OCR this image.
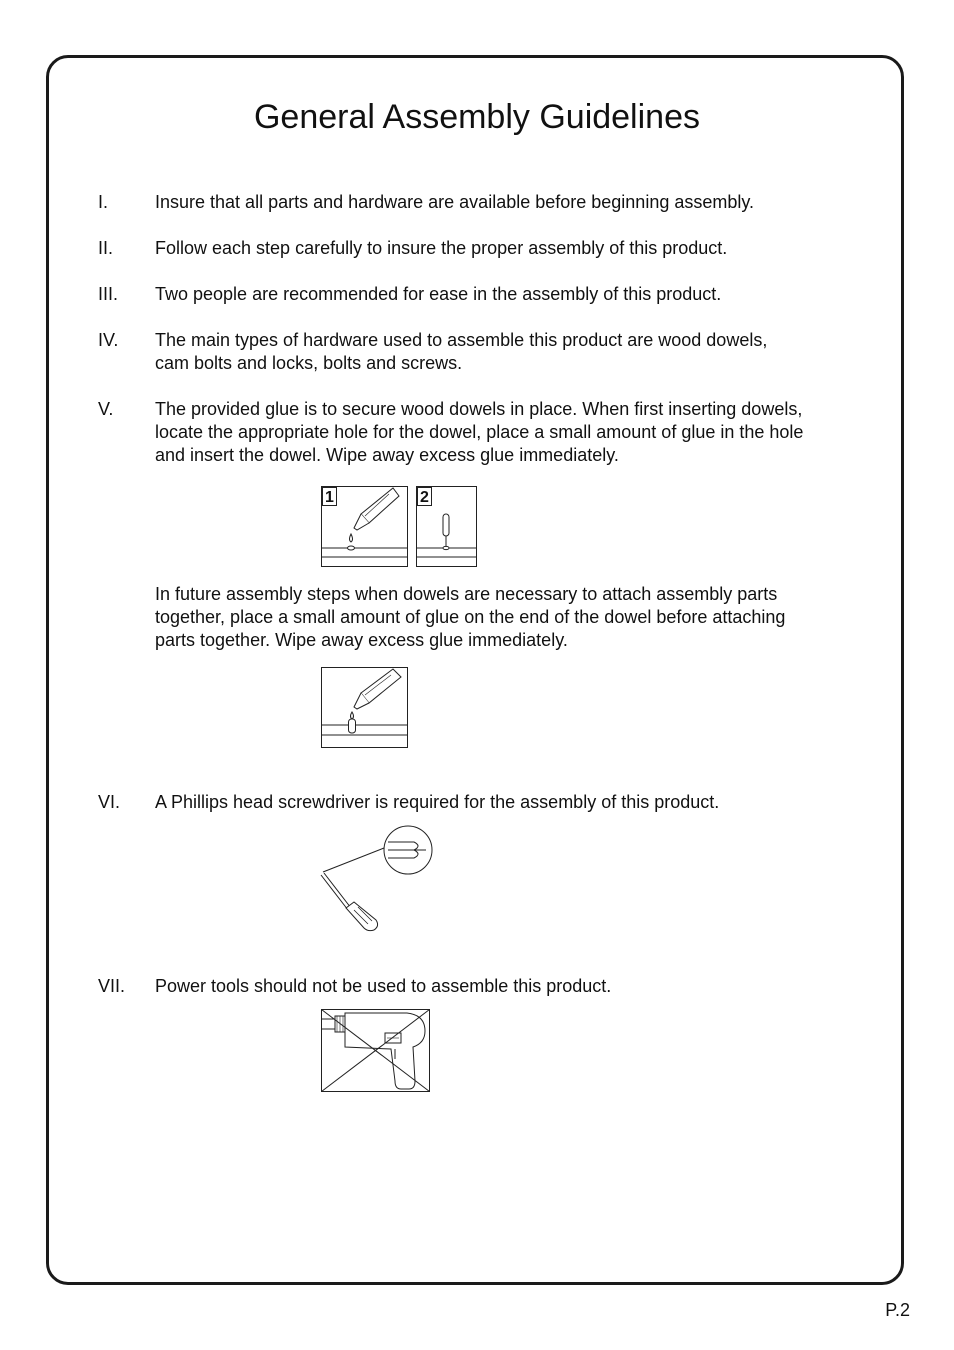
General Assembly Guidelines
I.	Insure that all parts and hardware are available before beginning assembly.
II. Follow each step carefully to insure the proper assembly of this product.
III. Two people are recommended for ease in the assembly of this product.
IV. The main types of hardware used to assemble this product are wood dowels,
cam bolts and locks, bolts and screws.
V. The provided glue is to secure wood dowels in place. When first inserting dowels,
locate the appropriate hole for the dowel, place a small amount of glue in the hole
and insert the dowel. Wipe away excess glue immediately.
1	2
In future assembly steps when dowels are necessary to attach assembly parts
together, place a small amount of glue on the end of the dowel before attaching
parts together. Wipe away excess glue immediately.
VI. A Phillips head screwdriver is required for the assembly of this product.
VII. Power tools should not be used to assemble this product.
P.2
